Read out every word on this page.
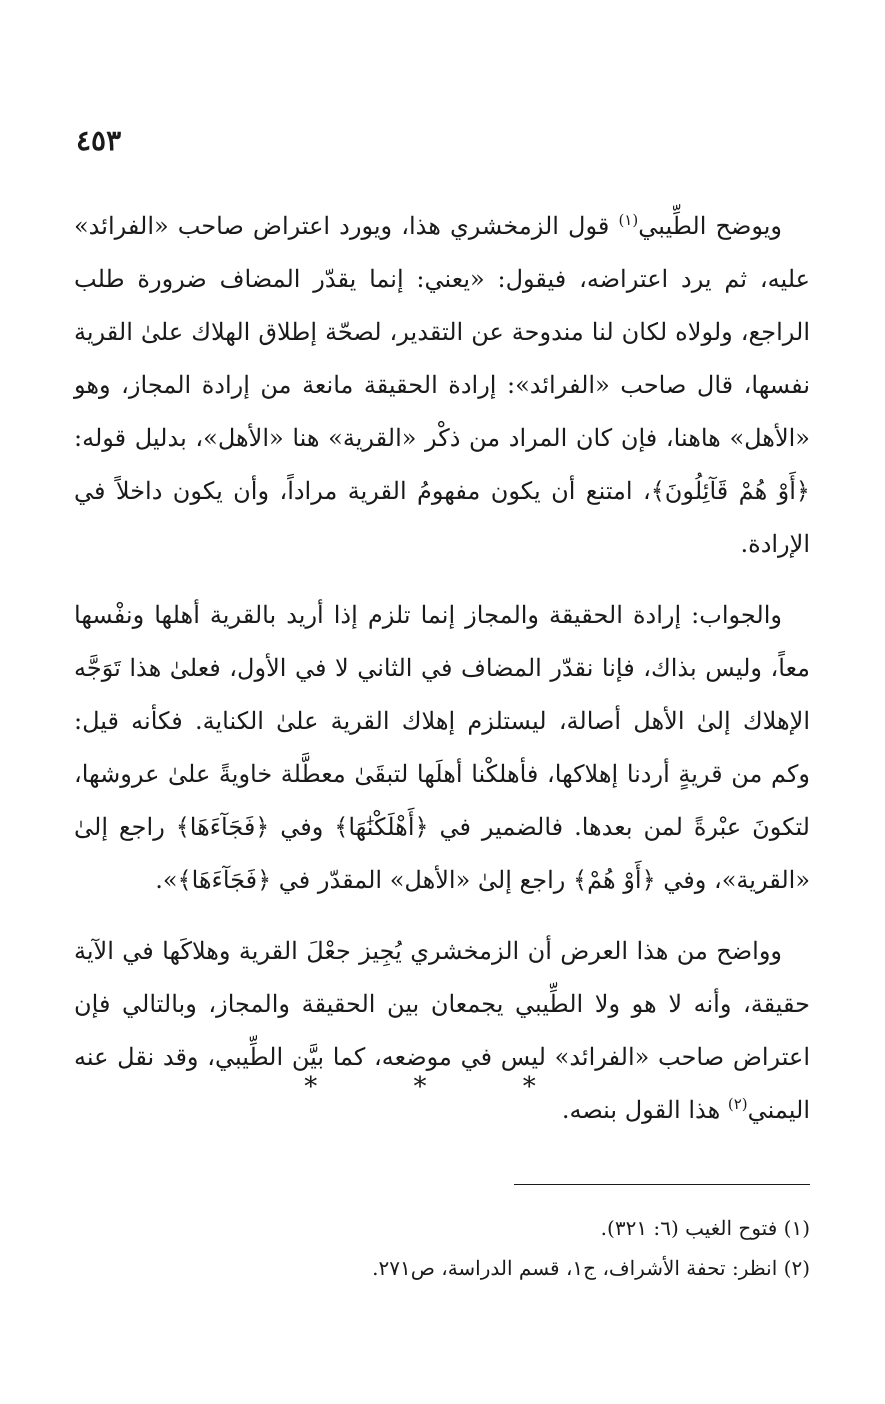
٤٥٣

ويوضح الطِّيبي$^{(١)}$ قول الزمخشري هذا، ويورد اعتراض صاحب «الفرائد» عليه، ثم يرد اعتراضه، فيقول: «يعني: إنما يقدّر المضاف ضرورة طلب الراجع، ولولاه لكان لنا مندوحة عن التقدير، لصحّة إطلاق الهلاك علىٰ القرية نفسها، قال صاحب «الفرائد»: إرادة الحقيقة مانعة من إرادة المجاز، وهو «الأهل» هاهنا، فإن كان المراد من ذكْر «القرية» هنا «الأهل»، بدليل قوله: ﴿أَوْ هُمْ قَآئِلُونَ﴾، امتنع أن يكون مفهومُ القرية مراداً، وأن يكون داخلاً في الإرادة.

والجواب: إرادة الحقيقة والمجاز إنما تلزم إذا أريد بالقرية أهلها ونفْسها معاً، وليس بذاك، فإنا نقدّر المضاف في الثاني لا في الأول، فعلىٰ هذا تَوَجَّه الإهلاك إلىٰ الأهل أصالة، ليستلزم إهلاك القرية علىٰ الكناية. فكأنه قيل: وكم من قريةٍ أردنا إهلاكها، فأهلكْنا أهلَها لتبقَىٰ معطَّلة خاويةً علىٰ عروشها، لتكونَ عبْرةً لمن بعدها. فالضمير في ﴿أَهْلَكْنَٰهَا﴾ وفي ﴿فَجَآءَهَا﴾ راجع إلىٰ «القرية»، وفي ﴿أَوْ هُمْ﴾ راجع إلىٰ «الأهل» المقدّر في ﴿فَجَآءَهَا﴾».

وواضح من هذا العرض أن الزمخشري يُجِيز جعْلَ القرية وهلاكَها في الآية حقيقة، وأنه لا هو ولا الطِّيبي يجمعان بين الحقيقة والمجاز، وبالتالي فإن اعتراض صاحب «الفرائد» ليس في موضعه، كما بيَّن الطِّيبي، وقد نقل عنه اليمني$^{(٢)}$ هذا القول بنصه.

* * *
(١) فتوح الغيب (٦: ٣٢١).
(٢) انظر: تحفة الأشراف، ج١، قسم الدراسة، ص٢٧١.
